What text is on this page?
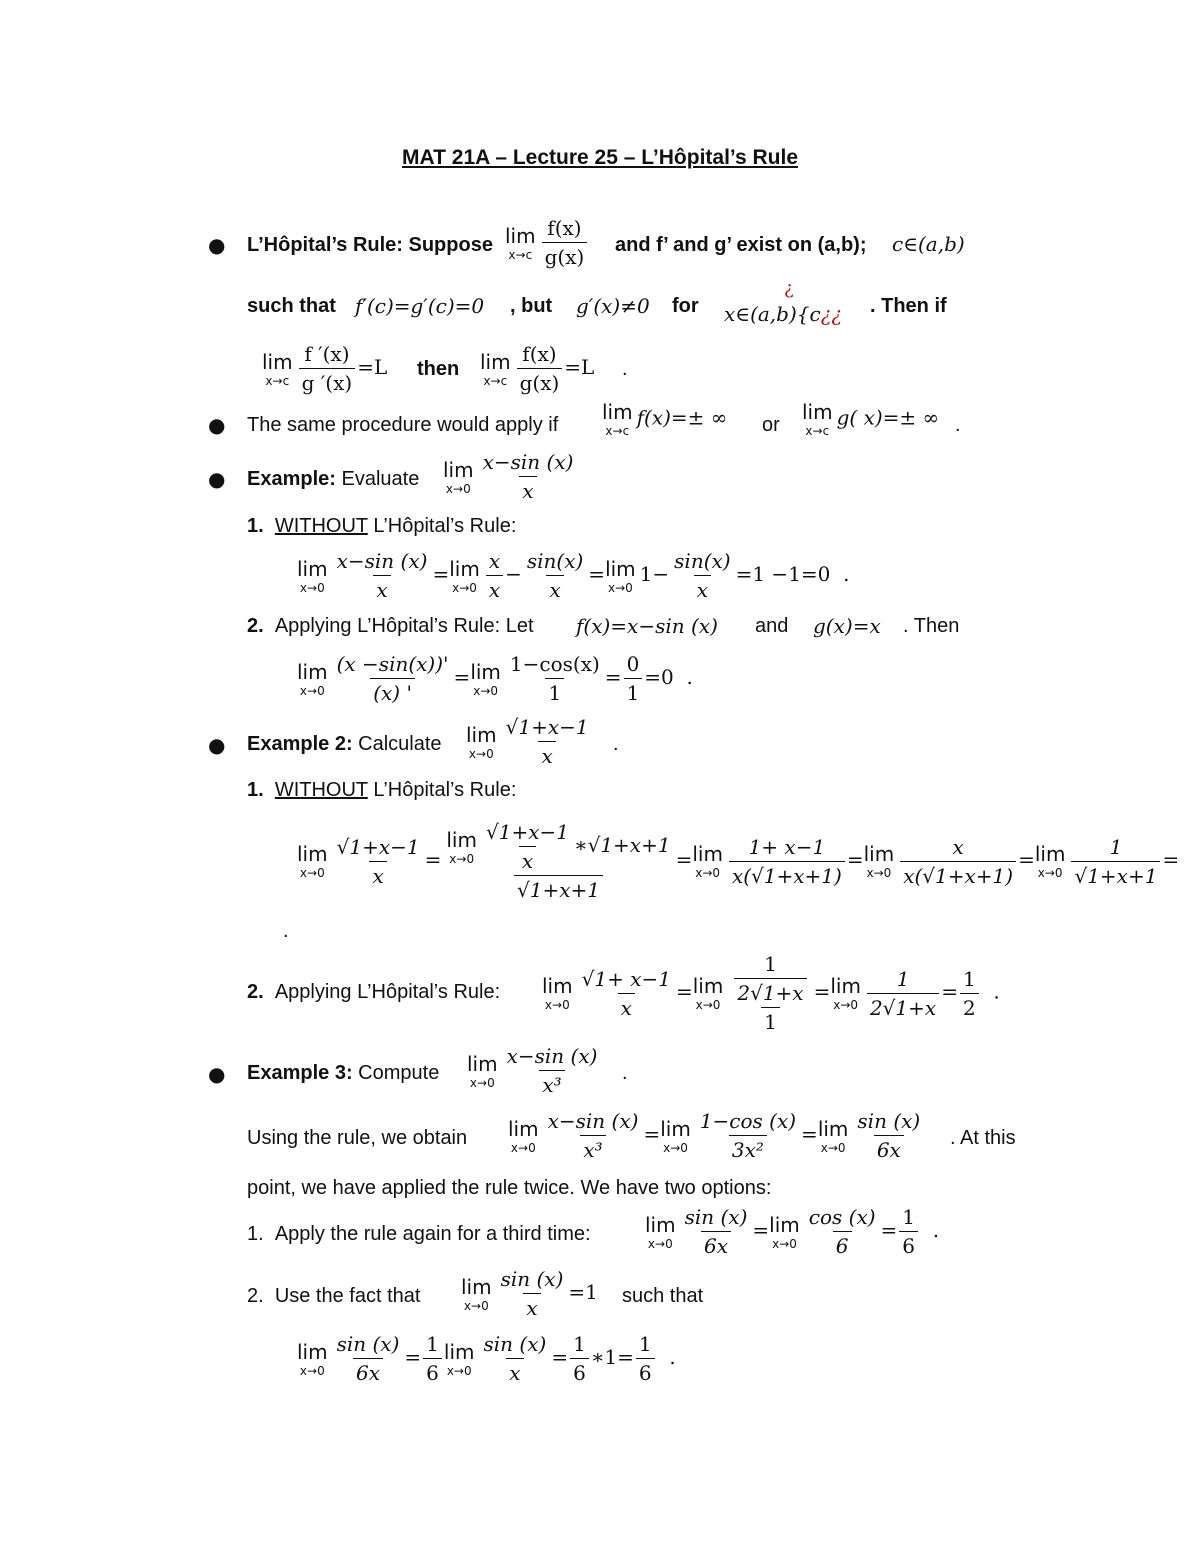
MAT 21A – Lecture 25 – L’Hôpital’s Rule
● L’Hôpital’s Rule: Suppose lim
$x\to c \frac{f(x)}{g(x)}$ and f’ and g’ exist on (a,b); c∈(a,b)
such that f′(c)=g′(c)=0 , but g′(x)≠0 for
¿
x∈(a,b){c¿¿ . Then if
lim
$x\to c \frac{f '(x)}{g '(x)} =L$ then lim
$x\to c \frac{f(x)}{g(x)} =L$ .
● The same procedure would apply if
lim
x→c
f(x)=± ∞ or
lim
x→c
g( x)=± ∞ .
● Example: Evaluate lim
$x\to 0 \frac{x-\sin (x)}{x}$
1. WITHOUT L’Hôpital’s Rule:
lim
$x\to 0 \frac{x-\sin (x)}{x} = \lim$
$x\to 0 \frac{x}{x} - \frac{\sin(x)}{x} = \lim$
x→0
$1- \frac{\sin(x)}{x} =1 -1=0$ .
2. Applying L’Hôpital’s Rule: Let f(x)=x−sin (x) and g(x)=x . Then
lim
$x\to 0 \frac{(x -\sin(x))'}{(x) '} = \lim$
$x\to 0 \frac{1-\cos(x)}{1} = \frac{0}{1} =0$ .
● Example 2: Calculate lim
$x\to 0 \frac{√1+x-1}{x}$ .
1. WITHOUT L’Hôpital’s Rule:
lim
$x\to 0 \frac{√1+x-1}{x} = \lim$
$x\to 0 \frac{√1+x-1}{x}$ ∗√1+x+1
√1+x+1 = lim
$x\to 0 \frac{1+ x-1}{x(√1+x+1)} = \lim$
$x\to 0 \frac{x}{x(√1+x+1)} = \lim$
$x\to 0 \frac{1}{√1+x+1}$ =
.
2. Applying L’Hôpital’s Rule: lim
$x\to 0 \frac{√1+ x-1}{x} = \lim$
$x\to 0 \frac{\frac{1}{2√1+x}}{1} = \lim$
$x\to 0 \frac{1}{2√1+x} = \frac{1}{2}$ .
● Example 3: Compute lim
$x\to 0 \frac{x-\sin (x)}{\text{x³}}$ .
Using the rule, we obtain lim
$x\to 0 \frac{x-\sin (x)}{\text{x³}} = \lim$
$x\to 0 \frac{1-\cos (x)}{\text{3x²}} = \lim$
$x\to 0 \frac{\sin (x)}{6x}$ . At this
point, we have applied the rule twice. We have two options:
1. Apply the rule again for a third time:	lim
$x\to 0 \frac{\sin (x)}{6x} = \lim$
$x\to 0 \frac{\cos (x)}{6} = \frac{1}{6}$ .
2. Use the fact that lim
$x\to 0 \frac{\sin (x)}{x} =1$ such that
lim
$x\to 0 \frac{\sin (x)}{6x} = \frac{1}{6}$ lim
$x\to 0 \frac{\sin (x)}{x} = \frac{1}{6}$ ∗1= $\frac{1}{6}$ .
